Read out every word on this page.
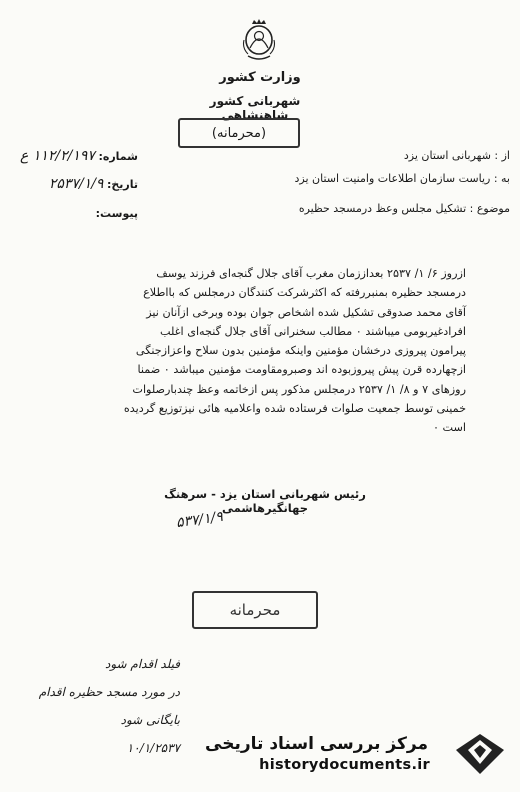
وزارت کشور
شهربانی کشور شاهنشاهی
(محرمانه)
شماره: ۱۱۲/۲/۱۹۷ ع
تاریخ: ۲۵۳۷/۱/۹
پیوست:
از : شهربانی استان یزد
به : ریاست سازمان اطلاعات وامنیت استان یزد
موضوع : تشکیل مجلس وعظ درمسجد حظیره
ازروز ۶/ ۱/ ۲۵۳۷ بعداززمان مغرب آقای جلال گنجه‌ای فرزند یوسف
درمسجد حظیره بمنبررفته که اکثرشرکت کنندگان درمجلس که بااطلاع
آقای محمد صدوقی تشکیل شده اشخاص جوان بوده وبرخی ازآنان نیز
افرادغیربومی میباشند ۰ مطالب سخنرانی آقای جلال گنجه‌ای اغلب
پیرامون پیروزی درخشان مؤمنین واینکه مؤمنین بدون سلاح واعزازجنگی
ازچهارده قرن پیش پیروزبوده اند وصبرومقاومت مؤمنین میباشد ۰ ضمنا
روزهای ۷ و ۸/ ۱/ ۲۵۳۷ درمجلس مذکور پس ازخاتمه وعظ چندبارصلوات
خمینی توسط جمعیت صلوات فرستاده شده واعلامیه هائی نیزتوزیع گردیده
است ۰
رئیس شهربانی استان یزد - سرهنگ جهانگیرهاشمی
۵۳۷/۱/۹
محرمانه
فیلد اقدام شود
در مورد مسجد حظیره اقدام
بایگانی شود
۱۰/۱/۲۵۳۷ مرکز بررسی اسناد تاریخی
historydocuments.ir
